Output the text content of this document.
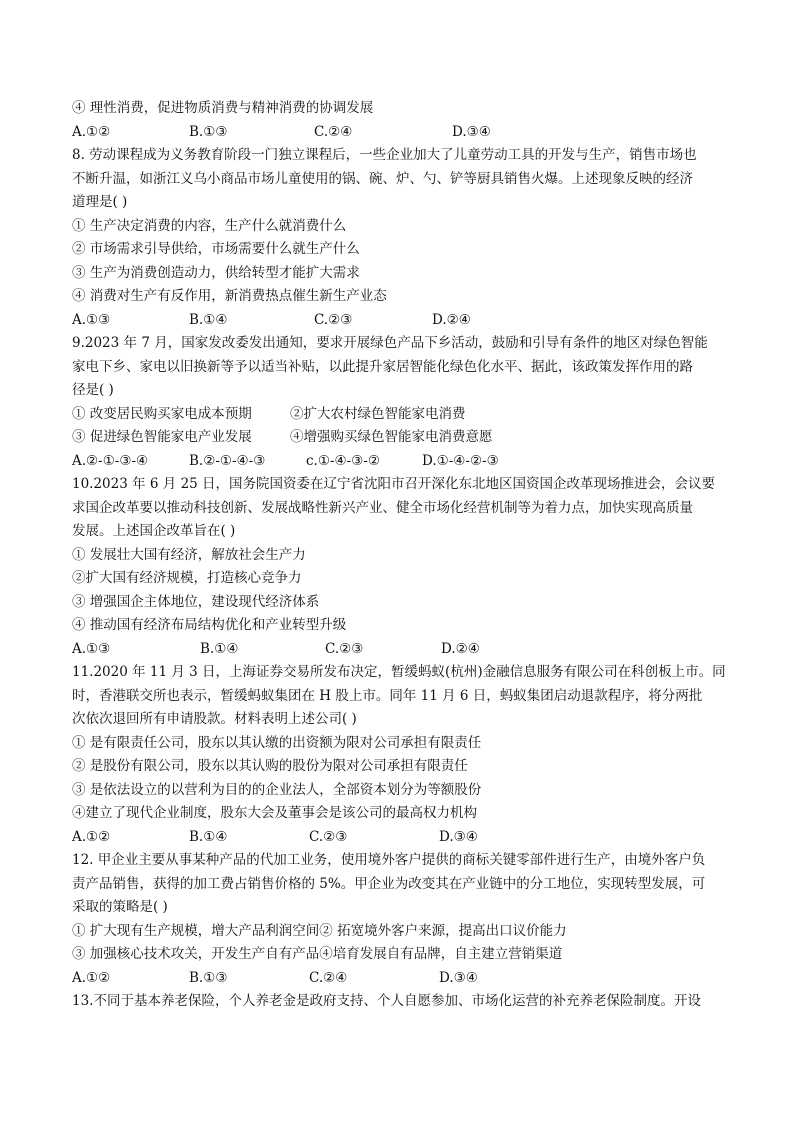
④ 理性消费，促进物质消费与精神消费的协调发展
A.①②	B.①③	C.②④	D.③④
8. 劳动课程成为义务教育阶段一门独立课程后，一些企业加大了儿童劳动工具的开发与生产，销售市场也
不断升温，如浙江义乌小商品市场儿童使用的锅、碗、炉、勺、铲等厨具销售火爆。上述现象反映的经济
道理是( )
① 生产决定消费的内容，生产什么就消费什么
② 市场需求引导供给，市场需要什么就生产什么
③ 生产为消费创造动力，供给转型才能扩大需求
④ 消费对生产有反作用，新消费热点催生新生产业态
A.①③	B.①④	C.②③	D.②④
9.2023 年 7 月，国家发改委发出通知，要求开展绿色产品下乡活动，鼓励和引导有条件的地区对绿色智能
家电下乡、家电以旧换新等予以适当补贴，以此提升家居智能化绿色化水平、据此，该政策发挥作用的路
径是( )
① 改变居民购买家电成本预期	②扩大农村绿色智能家电消费
③ 促进绿色智能家电产业发展	④增强购买绿色智能家电消费意愿
A.②-①-③-④	B.②-①-④-③	c.①-④-③-②	D.①-④-②-③
10.2023 年 6 月 25 日，国务院国资委在辽宁省沈阳市召开深化东北地区国资国企改革现场推进会，会议要
求国企改革要以推动科技创新、发展战略性新兴产业、健全市场化经营机制等为着力点，加快实现高质量
发展。上述国企改革旨在( )
① 发展壮大国有经济，解放社会生产力
②扩大国有经济规模，打造核心竞争力
③ 增强国企主体地位，建设现代经济体系
④ 推动国有经济布局结构优化和产业转型升级
A.①③	B.①④	C.②③	D.②④
11.2020 年 11 月 3 日，上海证券交易所发布决定，暂缓蚂蚁(杭州)金融信息服务有限公司在科创板上市。同
时，香港联交所也表示，暂缓蚂蚁集团在 H 股上市。同年 11 月 6 日，蚂蚁集团启动退款程序，将分两批
次依次退回所有申请股款。材料表明上述公司( )
① 是有限责任公司，股东以其认缴的出资额为限对公司承担有限责任
② 是股份有限公司，股东以其认购的股份为限对公司承担有限责任
③ 是依法设立的以营利为目的的企业法人，全部资本划分为等额股份
④建立了现代企业制度，股东大会及董事会是该公司的最高权力机构
A.①②	B.①④	C.②③	D.③④
12. 甲企业主要从事某种产品的代加工业务，使用境外客户提供的商标关键零部件进行生产，由境外客户负
责产品销售，获得的加工费占销售价格的 5%。甲企业为改变其在产业链中的分工地位，实现转型发展，可
采取的策略是( )
① 扩大现有生产规模，增大产品利润空间② 拓宽境外客户来源，提高出口议价能力
③ 加强核心技术攻关，开发生产自有产品④培育发展自有品牌，自主建立营销渠道
A.①②	B.①③	C.②④	D.③④
13.不同于基本养老保险，个人养老金是政府支持、个人自愿参加、市场化运营的补充养老保险制度。开设
